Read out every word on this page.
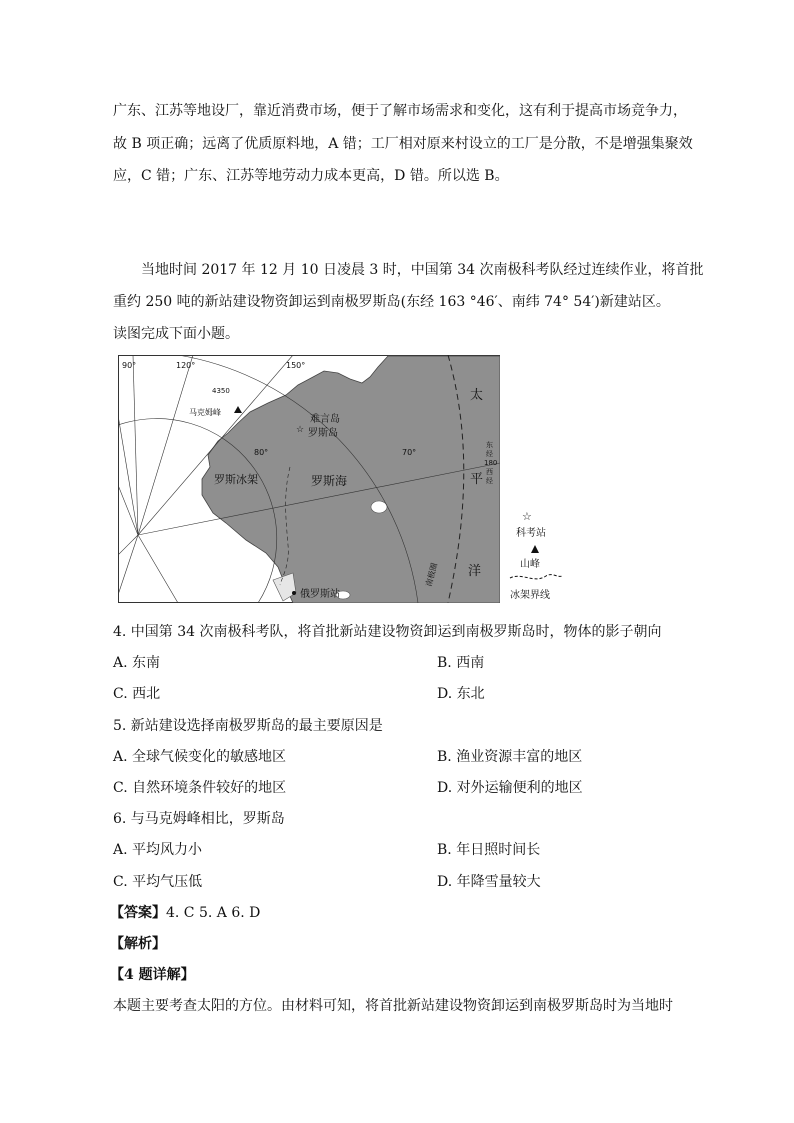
广东、江苏等地设厂，靠近消费市场，便于了解市场需求和变化，这有利于提高市场竞争力，
故 B 项正确；远离了优质原料地，A 错；工厂相对原来村设立的工厂是分散，不是增强集聚效
应，C 错；广东、江苏等地劳动力成本更高，D 错。所以选 B。
当地时间 2017 年 12 月 10 日凌晨 3 时，中国第 34 次南极科考队经过连续作业，将首批
重约 250 吨的新站建设物资卸运到南极罗斯岛(东经 163 °46′、南纬 74° 54′)新建站区。
读图完成下面小题。
90°	120°	150°
80°	70°
4350
马克姆峰
难言岛
罗斯岛
☆
罗斯冰架	罗斯海
太
平
洋
东
经
180
西
经
南极圈
俄罗斯站
☆
科考站
山峰
冰架界线
4. 中国第 34 次南极科考队，将首批新站建设物资卸运到南极罗斯岛时，物体的影子朝向
A. 东南	B. 西南
C. 西北	D. 东北
5. 新站建设选择南极罗斯岛的最主要原因是
A. 全球气候变化的敏感地区	B. 渔业资源丰富的地区
C. 自然环境条件较好的地区	D. 对外运输便利的地区
6. 与马克姆峰相比，罗斯岛
A. 平均风力小	B. 年日照时间长
C. 平均气压低	D. 年降雪量较大
【答案】4. C 5. A 6. D
【解析】
【4 题详解】
本题主要考查太阳的方位。由材料可知，将首批新站建设物资卸运到南极罗斯岛时为当地时
